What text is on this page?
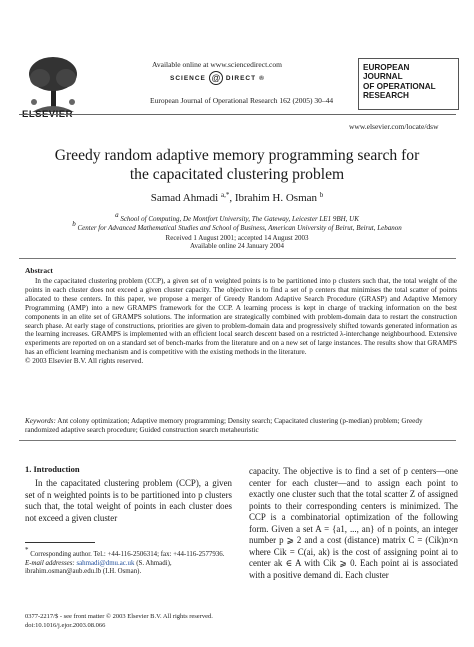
Available online at www.sciencedirect.com
SCIENCE @ DIRECT ®
European Journal of Operational Research 162 (2005) 30–44
EUROPEAN
JOURNAL
OF OPERATIONAL
RESEARCH
www.elsevier.com/locate/dsw
Greedy random adaptive memory programming search for
the capacitated clustering problem
Samad Ahmadi $^{a,*}$, Ibrahim H. Osman $^b$
a School of Computing, De Montfort University, The Gateway, Leicester LE1 9BH, UK
b Center for Advanced Mathematical Studies and School of Business, American University of Beirut, Beirut, Lebanon
Received 1 August 2001; accepted 14 August 2003
Available online 24 January 2004
Abstract

In the capacitated clustering problem (CCP), a given set of n weighted points is to be partitioned into p clusters such that, the total weight of the points in each cluster does not exceed a given cluster capacity. The objective is to find a set of p centers that minimises the total scatter of points allocated to these centers. In this paper, we propose a merger of Greedy Random Adaptive Search Procedure (GRASP) and Adaptive Memory Programming (AMP) into a new GRAMPS framework for the CCP. A learning process is kept in charge of tracking information on the best components in an elite set of GRAMPS solutions. The information are strategically combined with problem-domain data to restart the construction search phase. At early stage of constructions, priorities are given to problem-domain data and progressively shifted towards generated information as the learning increases. GRAMPS is implemented with an efficient local search descent based on a restricted λ-interchange neighbourhood. Extensive experiments are reported on on a standard set of bench-marks from the literature and on a new set of large instances. The results show that GRAMPS has an efficient learning mechanism and is competitive with the existing methods in the literature.

© 2003 Elsevier B.V. All rights reserved.
Keywords: Ant colony optimization; Adaptive memory programming; Density search; Capacitated clustering (p-median) problem; Greedy randomized adaptive search procedure; Guided construction search metaheuristic
1. Introduction
In the capacitated clustering problem (CCP), a given set of n weighted points is to be partitioned into p clusters such that, the total weight of points in each cluster does not exceed a given cluster
capacity. The objective is to find a set of p centers—one center for each cluster—and to assign each point to exactly one cluster such that the total scatter Z of assigned points to their corresponding centers is minimized. The CCP is a combinatorial optimization of the following form. Given a set A = {a1, ..., an} of n points, an integer number p ⩾ 2 and a cost (distance) matrix C = (Cik)n×n where Cik = C(ai, ak) is the cost of assigning point ai to center ak ∈ A with Cik ⩾ 0. Each point ai is associated with a positive demand di. Each cluster

* Corresponding author. Tel.: +44-116-2506314; fax: +44-116-2577936.

E-mail addresses: sahmadi@dmu.ac.uk (S. Ahmadi), ibrahim.osman@aub.edu.lb (I.H. Osman).

0377-2217/$ - see front matter © 2003 Elsevier B.V. All rights reserved.
doi:10.1016/j.ejor.2003.08.066
